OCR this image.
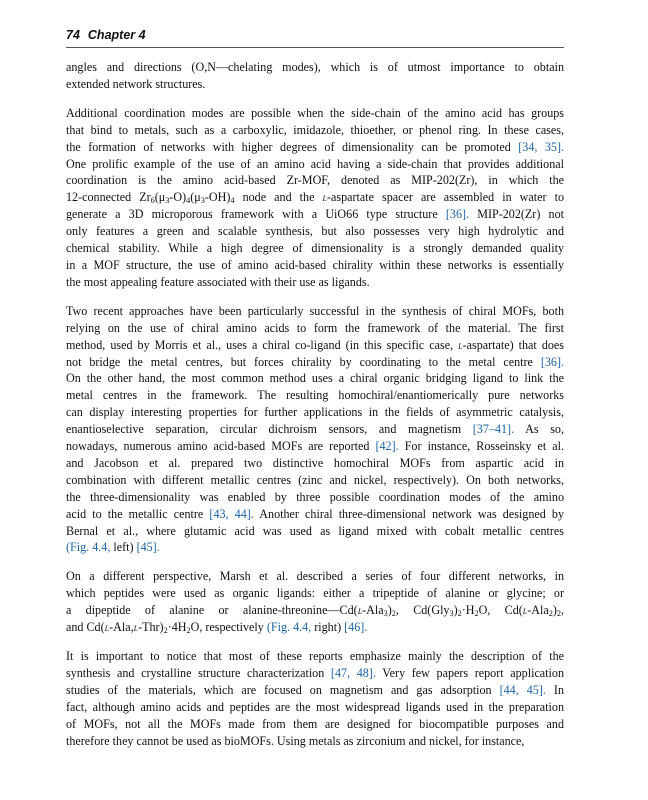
74 Chapter 4
angles and directions (O,N—chelating modes), which is of utmost importance to obtain
extended network structures.
Additional coordination modes are possible when the side-chain of the amino acid has groups
that bind to metals, such as a carboxylic, imidazole, thioether, or phenol ring. In these cases,
the formation of networks with higher degrees of dimensionality can be promoted [34, 35].
One prolific example of the use of an amino acid having a side-chain that provides additional
coordination is the amino acid-based Zr-MOF, denoted as MIP-202(Zr), in which the
12-connected $Zr_6(\mu_3-O)_4(\mu_3-OH)_4$ node and the l-aspartate spacer are assembled in water to
generate a 3D microporous framework with a UiO66 type structure [36]. MIP-202(Zr) not
only features a green and scalable synthesis, but also possesses very high hydrolytic and
chemical stability. While a high degree of dimensionality is a strongly demanded quality
in a MOF structure, the use of amino acid-based chirality within these networks is essentially
the most appealing feature associated with their use as ligands.
Two recent approaches have been particularly successful in the synthesis of chiral MOFs, both
relying on the use of chiral amino acids to form the framework of the material. The first
method, used by Morris et al., uses a chiral co-ligand (in this specific case, l-aspartate) that does
not bridge the metal centres, but forces chirality by coordinating to the metal centre [36].
On the other hand, the most common method uses a chiral organic bridging ligand to link the
metal centres in the framework. The resulting homochiral/enantiomerically pure networks
can display interesting properties for further applications in the fields of asymmetric catalysis,
enantioselective separation, circular dichroism sensors, and magnetism [37–41]. As so,
nowadays, numerous amino acid-based MOFs are reported [42]. For instance, Rosseinsky et al.
and Jacobson et al. prepared two distinctive homochiral MOFs from aspartic acid in
combination with different metallic centres (zinc and nickel, respectively). On both networks,
the three-dimensionality was enabled by three possible coordination modes of the amino
acid to the metallic centre [43, 44]. Another chiral three-dimensional network was designed by
Bernal et al., where glutamic acid was used as ligand mixed with cobalt metallic centres
(Fig. 4.4, left) [45].
On a different perspective, Marsh et al. described a series of four different networks, in
which peptides were used as organic ligands: either a tripeptide of alanine or glycine; or
a dipeptide of alanine or alanine-$threonine—Cd(l-Ala_3)_2$, $Cd(Gly_3)_2\cdot H_2O$, $Cd(l-Ala_2)_2$,
and $Cd(l-Ala,l-Thr)_2\cdot 4H_2O$, respectively (Fig. 4.4, right) [46].
It is important to notice that most of these reports emphasize mainly the description of the
synthesis and crystalline structure characterization [47, 48]. Very few papers report application
studies of the materials, which are focused on magnetism and gas adsorption [44, 45]. In
fact, although amino acids and peptides are the most widespread ligands used in the preparation
of MOFs, not all the MOFs made from them are designed for biocompatible purposes and
therefore they cannot be used as bioMOFs. Using metals as zirconium and nickel, for instance,
